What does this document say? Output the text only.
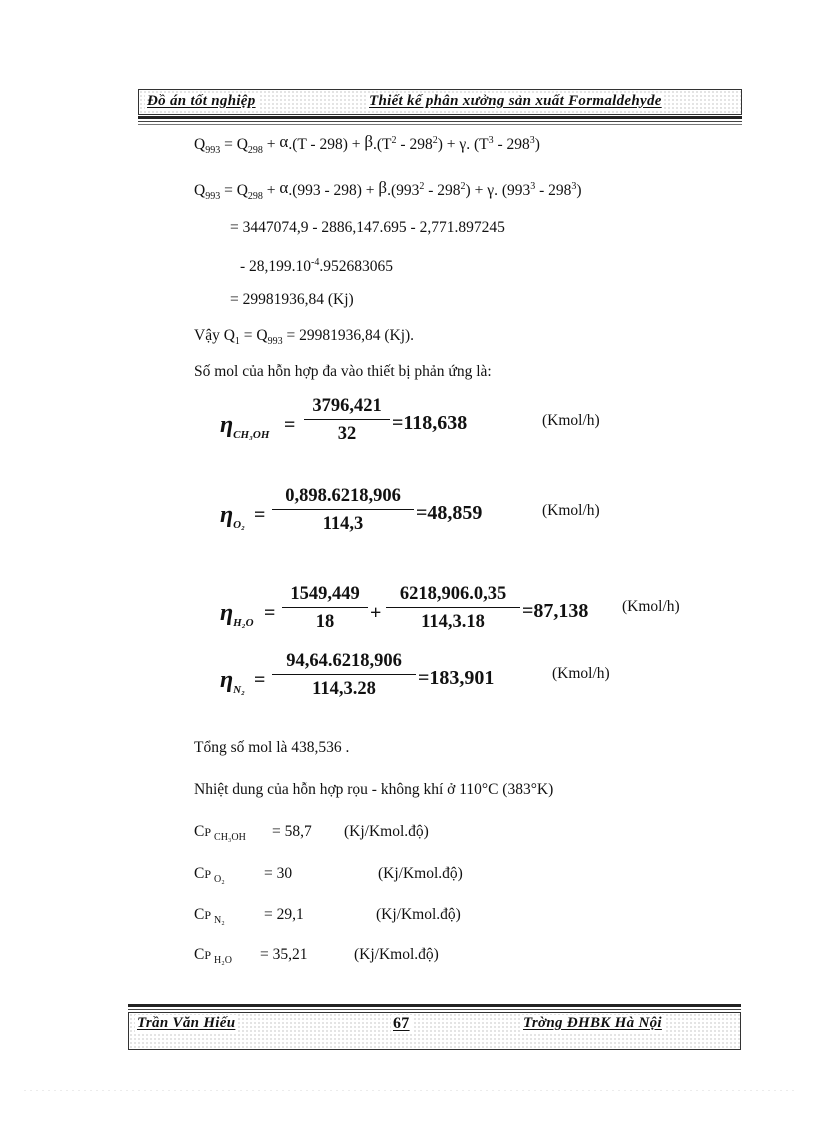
Đồ án tốt nghiệp	Thiết kế phân xưởng sản xuất Formaldehyde
$Q_{993} = Q_{298} + \alpha.(T - 298) + \beta.(T^2 - 298^2) + \gamma$. $(T^3 - 298^3)$
$Q_{993} = Q_{298} + \alpha.(993 - 298) + \beta.(993^2 - 298^2) + \gamma$. $(993^3 - 298^3)$
= 3447074,9 - 2886,147.695 - 2,771.897245
- $28,199.10^{-4}.952683065$
= 29981936,84 (Kj)
Vậy $Q_1 = Q_{993} = 29981936,84$ (Kj).
Số mol của hỗn hợp đa vào thiết bị phản ứng là:
$\eta_{CH_3OH}$ =
3796,421
32	=118,638	(Kmol/h)
$\eta_{O_2}$ =
0,898.6218,906
114,3	=48,859	(Kmol/h)
$\eta_{H_2O}$ =
1549,449
18	+
6218,906.0,35
114,3.18	=87,138 (Kmol/h)
$\eta_{N_2}$ =
94,64.6218,906
114,3.28	=183,901	(Kmol/h)
Tổng số mol là 438,536 .
Nhiệt dung của hỗn hợp rọu - không khí ở 110°C (383°K)
CP $_{CH_3OH}$ = 58,7 (Kj/Kmol.độ)
CP $_{O_2}$	= 30	(Kj/Kmol.độ)
CP $_{N_2}$	= 29,1	(Kj/Kmol.độ)
CP $_{H_2O}$ = 35,21	(Kj/Kmol.độ)
Trần Văn Hiếu	67	Trờng ĐHBK Hà Nội
